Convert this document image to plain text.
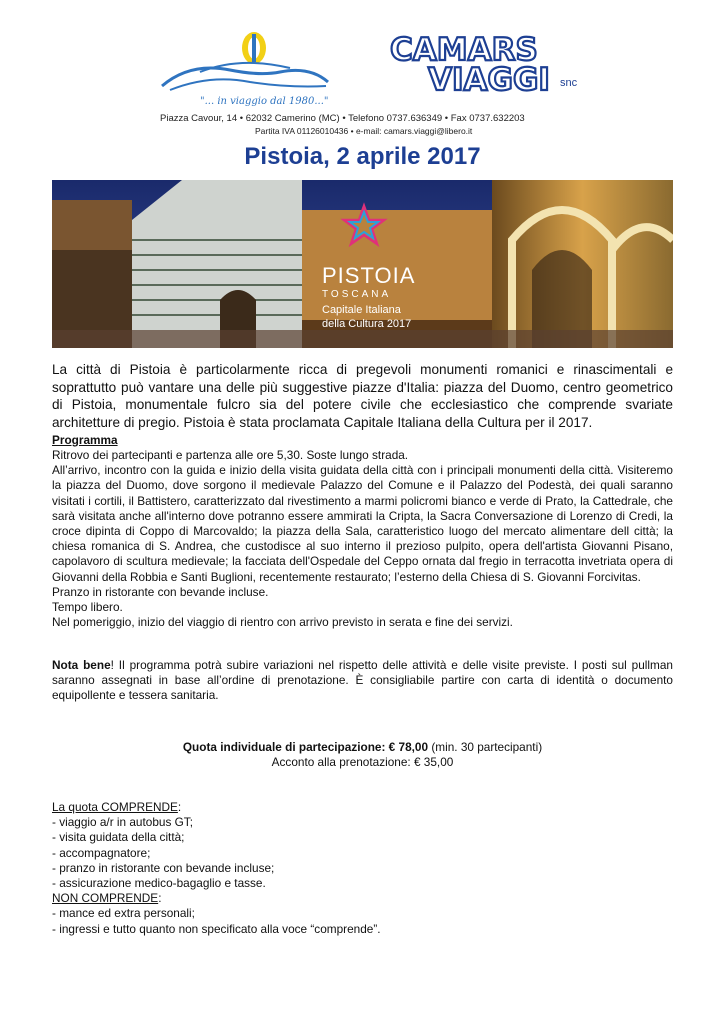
"... in viaggio dal 1980..."
CAMARS
VIAGGI snc
Piazza Cavour, 14 • 62032 Camerino (MC) • Telefono 0737.636349 • Fax 0737.632203
Partita IVA 01126010436 • e-mail: camars.viaggi@libero.it
Pistoia, 2 aprile 2017
PISTOIA
TOSCANA
Capitale Italiana
della Cultura 2017
La città di Pistoia è particolarmente ricca di pregevoli monumenti romanici e rinascimentali e soprattutto può vantare una delle più suggestive piazze d'Italia: piazza del Duomo, centro geometrico di Pistoia, monumentale fulcro sia del potere civile che ecclesiastico che comprende svariate architetture di pregio. Pistoia è stata proclamata Capitale Italiana della Cultura per il 2017.
Programma

Ritrovo dei partecipanti e partenza alle ore 5,30. Soste lungo strada.

All’arrivo, incontro con la guida e inizio della visita guidata della città con i principali monumenti della città. Visiteremo la piazza del Duomo, dove sorgono il medievale Palazzo del Comune e il Palazzo del Podestà, dei quali saranno visitati i cortili, il Battistero, caratterizzato dal rivestimento a marmi policromi bianco e verde di Prato, la Cattedrale, che sarà visitata anche all'interno dove potranno essere ammirati la Cripta, la Sacra Conversazione di Lorenzo di Credi, la croce dipinta di Coppo di Marcovaldo; la piazza della Sala, caratteristico luogo del mercato alimentare dell città; la chiesa romanica di S. Andrea, che custodisce al suo interno il prezioso pulpito, opera dell'artista Giovanni Pisano, capolavoro di scultura medievale; la facciata dell'Ospedale del Ceppo ornata dal fregio in terracotta invetriata opera di Giovanni della Robbia e Santi Buglioni, recentemente restaurato; l’esterno della Chiesa di S. Giovanni Forcivitas.

Pranzo in ristorante con bevande incluse.

Tempo libero.

Nel pomeriggio, inizio del viaggio di rientro con arrivo previsto in serata e fine dei servizi.

Nota bene! Il programma potrà subire variazioni nel rispetto delle attività e delle visite previste. I posti sul pullman saranno assegnati in base all’ordine di prenotazione. È consigliabile partire con carta di identità o documento equipollente e tessera sanitaria.
Quota individuale di partecipazione: € 78,00 (min. 30 partecipanti)
Acconto alla prenotazione: € 35,00
La quota COMPRENDE:
- viaggio a/r in autobus GT;
- visita guidata della città;
- accompagnatore;
- pranzo in ristorante con bevande incluse;
- assicurazione medico-bagaglio e tasse.
NON COMPRENDE:
- mance ed extra personali;
- ingressi e tutto quanto non specificato alla voce “comprende”.
